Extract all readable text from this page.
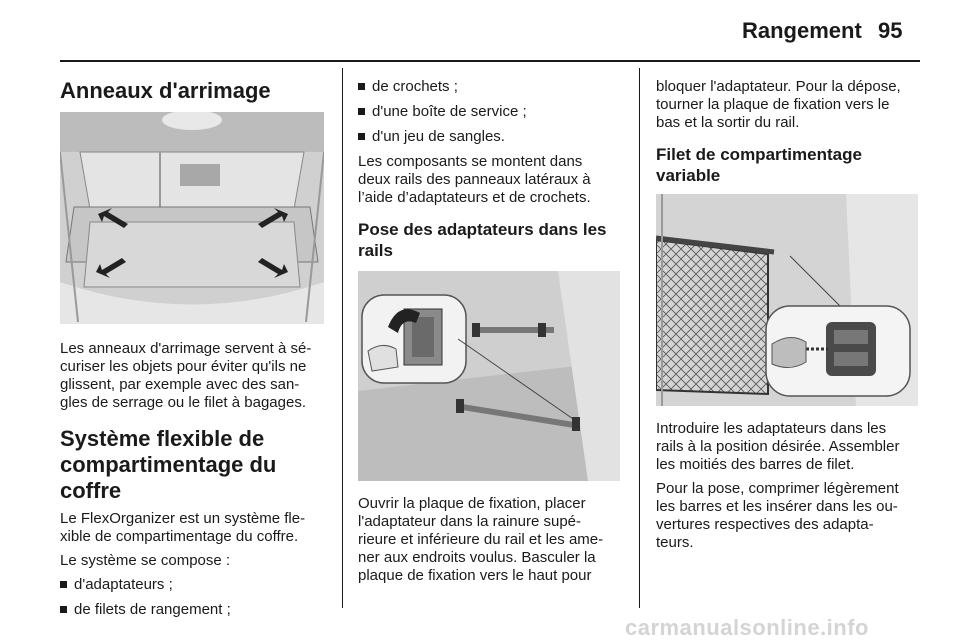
Rangement 95
Anneaux d'arrimage

Les anneaux d'arrimage servent à sé-
curiser les objets pour éviter qu'ils ne
glissent, par exemple avec des san-
gles de serrage ou le filet à bagages.

Système flexible de
compartimentage du coffre

Le FlexOrganizer est un système fle-
xible de compartimentage du coffre.

Le système se compose :

d'adaptateurs ;
de filets de rangement ;
de crochets ;
d'une boîte de service ;
d'un jeu de sangles.

Les composants se montent dans
deux rails des panneaux latéraux à
l’aide d’adaptateurs et de crochets.

Pose des adaptateurs dans les
rails

Ouvrir la plaque de fixation, placer
l'adaptateur dans la rainure supé-
rieure et inférieure du rail et les ame-
ner aux endroits voulus. Basculer la
plaque de fixation vers le haut pour

bloquer l'adaptateur. Pour la dépose,
tourner la plaque de fixation vers le
bas et la sortir du rail.

Filet de compartimentage
variable

Introduire les adaptateurs dans les
rails à la position désirée. Assembler
les moitiés des barres de filet.

Pour la pose, comprimer légèrement
les barres et les insérer dans les ou-
vertures respectives des adapta-
teurs.

carmanualsonline.info
